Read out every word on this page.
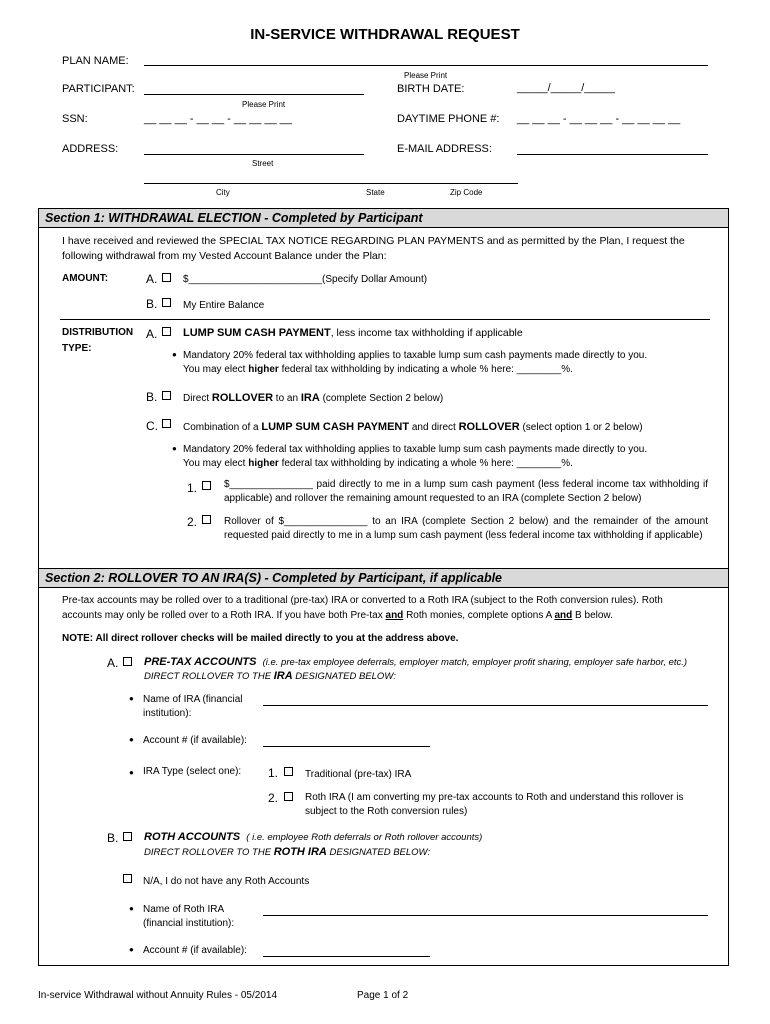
IN-SERVICE WITHDRAWAL REQUEST
PLAN NAME:
Please Print
PARTICIPANT:
Please Print
BIRTH DATE:	_____/_____/_____
SSN:	__ __ __ - __ __ - __ __ __ __	DAYTIME PHONE #: __ __ __ - __ __ __ - __ __ __ __
ADDRESS:
Street
E-MAIL ADDRESS:
City	State	Zip Code
Section 1: WITHDRAWAL ELECTION - Completed by Participant
I have received and reviewed the SPECIAL TAX NOTICE REGARDING PLAN PAYMENTS and as permitted by the Plan, I request the following withdrawal from my Vested Account Balance under the Plan:
AMOUNT:	A.	$________________________(Specify Dollar Amount)
B.	My Entire Balance
DISTRIBUTION
TYPE:
A. LUMP SUM CASH PAYMENT, less income tax withholding if applicable
● Mandatory 20% federal tax withholding applies to taxable lump sum cash payments made directly to you.
You may elect higher federal tax withholding by indicating a whole % here: ________%.
B.	Direct ROLLOVER to an IRA (complete Section 2 below)
C.	Combination of a LUMP SUM CASH PAYMENT and direct ROLLOVER (select option 1 or 2 below)
● Mandatory 20% federal tax withholding applies to taxable lump sum cash payments made directly to you.
You may elect higher federal tax withholding by indicating a whole % here: ________%.
1.	$_______________ paid directly to me in a lump sum cash payment (less federal income tax withholding if applicable) and rollover the remaining amount requested to an IRA (complete Section 2 below)
2.	Rollover of $_______________ to an IRA (complete Section 2 below) and the remainder of the amount requested paid directly to me in a lump sum cash payment (less federal income tax withholding if applicable)
Section 2: ROLLOVER TO AN IRA(S) - Completed by Participant, if applicable
Pre-tax accounts may be rolled over to a traditional (pre-tax) IRA or converted to a Roth IRA (subject to the Roth conversion rules). Roth
accounts may only be rolled over to a Roth IRA. If you have both Pre-tax and Roth monies, complete options A and B below.
NOTE: All direct rollover checks will be mailed directly to you at the address above.
A. PRE-TAX ACCOUNTS (i.e. pre-tax employee deferrals, employer match, employer profit sharing, employer safe harbor, etc.)
DIRECT ROLLOVER TO THE IRA DESIGNATED BELOW:
● Name of IRA (financial
institution):
● Account # (if available):
● IRA Type (select one): 1.	Traditional (pre-tax) IRA
2.	Roth IRA (I am converting my pre-tax accounts to Roth and understand this rollover is
subject to the Roth conversion rules)
B. ROTH ACCOUNTS ( i.e. employee Roth deferrals or Roth rollover accounts)
DIRECT ROLLOVER TO THE ROTH IRA DESIGNATED BELOW:
N/A, I do not have any Roth Accounts
● Name of Roth IRA
(financial institution):
● Account # (if available):
In-service Withdrawal without Annuity Rules - 05/2014	Page 1 of 2
